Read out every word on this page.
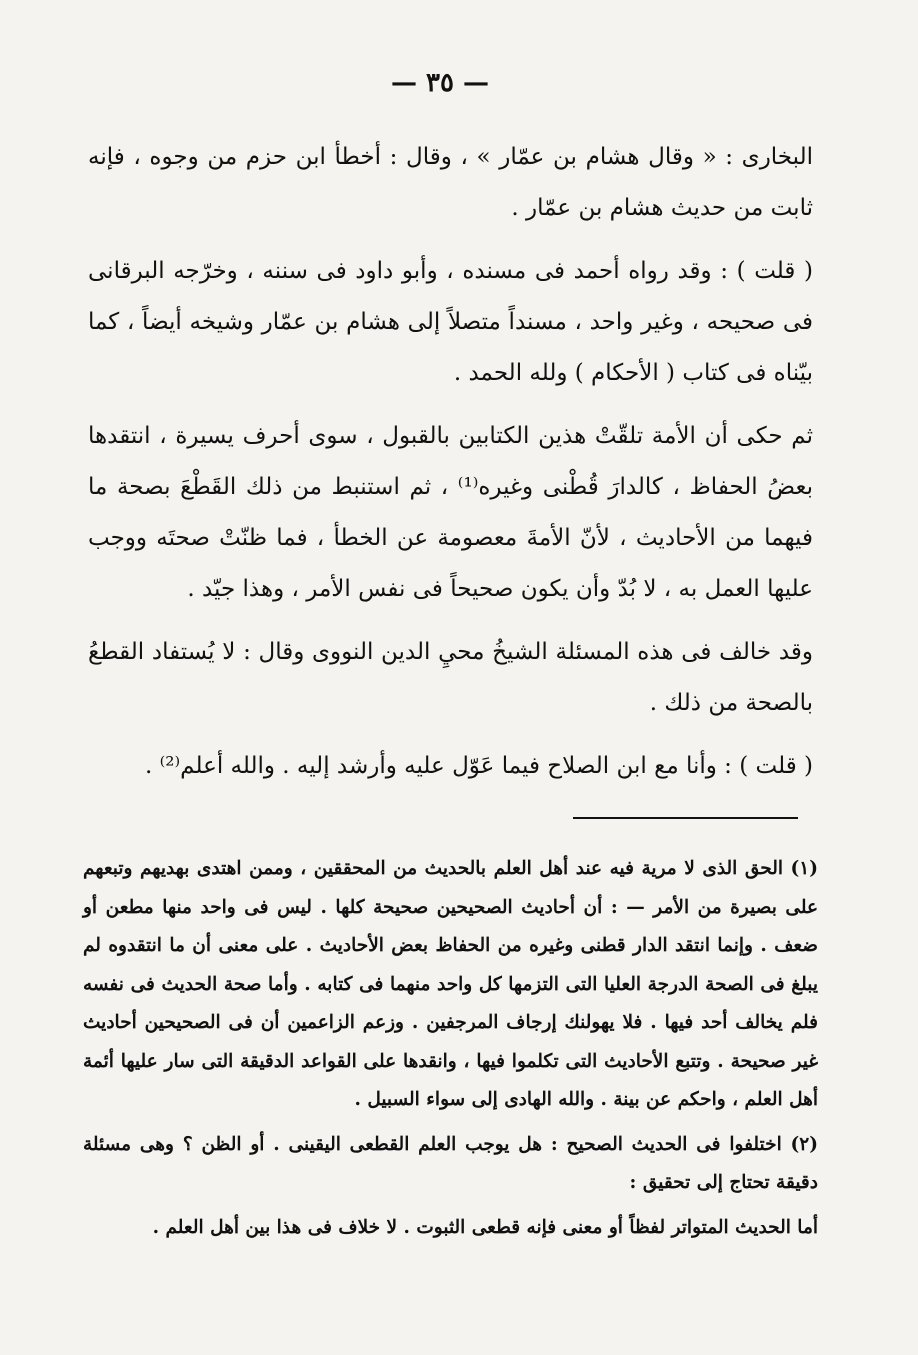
— ٣٥ —

البخارى : « وقال هشام بن عمّار » ، وقال : أخطأ ابن حزم من وجوه ، فإنه ثابت من حديث هشام بن عمّار .

( قلت ) : وقد رواه أحمد فى مسنده ، وأبو داود فى سننه ، وخرّجه البرقانى فى صحيحه ، وغير واحد ، مسنداً متصلاً إلى هشام بن عمّار وشيخه أيضاً ، كما بيّناه فى كتاب ( الأحكام ) ولله الحمد .

ثم حكى أن الأمة تلقّتْ هذين الكتابين بالقبول ، سوى أحرف يسيرة ، انتقدها بعضُ الحفاظ ، كالدارَ قُطْنى وغيره⁽¹⁾ ، ثم استنبط من ذلك القَطْعَ بصحة ما فيهما من الأحاديث ، لأنّ الأمةَ معصومة عن الخطأ ، فما ظنّتْ صحتَه ووجب عليها العمل به ، لا بُدّ وأن يكون صحيحاً فى نفس الأمر ، وهذا جيّد .

وقد خالف فى هذه المسئلة الشيخُ محيِ الدين النووى وقال : لا يُستفاد القطعُ بالصحة من ذلك .

( قلت ) : وأنا مع ابن الصلاح فيما عَوّل عليه وأرشد إليه . والله أعلم⁽²⁾ .

(١) الحق الذى لا مرية فيه عند أهل العلم بالحديث من المحققين ، وممن اهتدى بهديهم وتبعهم على بصيرة من الأمر — : أن أحاديث الصحيحين صحيحة كلها . ليس فى واحد منها مطعن أو ضعف . وإنما انتقد الدار قطنى وغيره من الحفاظ بعض الأحاديث . على معنى أن ما انتقدوه لم يبلغ فى الصحة الدرجة العليا التى التزمها كل واحد منهما فى كتابه . وأما صحة الحديث فى نفسه فلم يخالف أحد فيها . فلا يهولنك إرجاف المرجفين . وزعم الزاعمين أن فى الصحيحين أحاديث غير صحيحة . وتتبع الأحاديث التى تكلموا فيها ، وانقدها على القواعد الدقيقة التى سار عليها أئمة أهل العلم ، واحكم عن بينة . والله الهادى إلى سواء السبيل .

(٢) اختلفوا فى الحديث الصحيح : هل يوجب العلم القطعى اليقينى . أو الظن ؟ وهى مسئلة دقيقة تحتاج إلى تحقيق :

أما الحديث المتواتر لفظاً أو معنى فإنه قطعى الثبوت . لا خلاف فى هذا بين أهل العلم .
